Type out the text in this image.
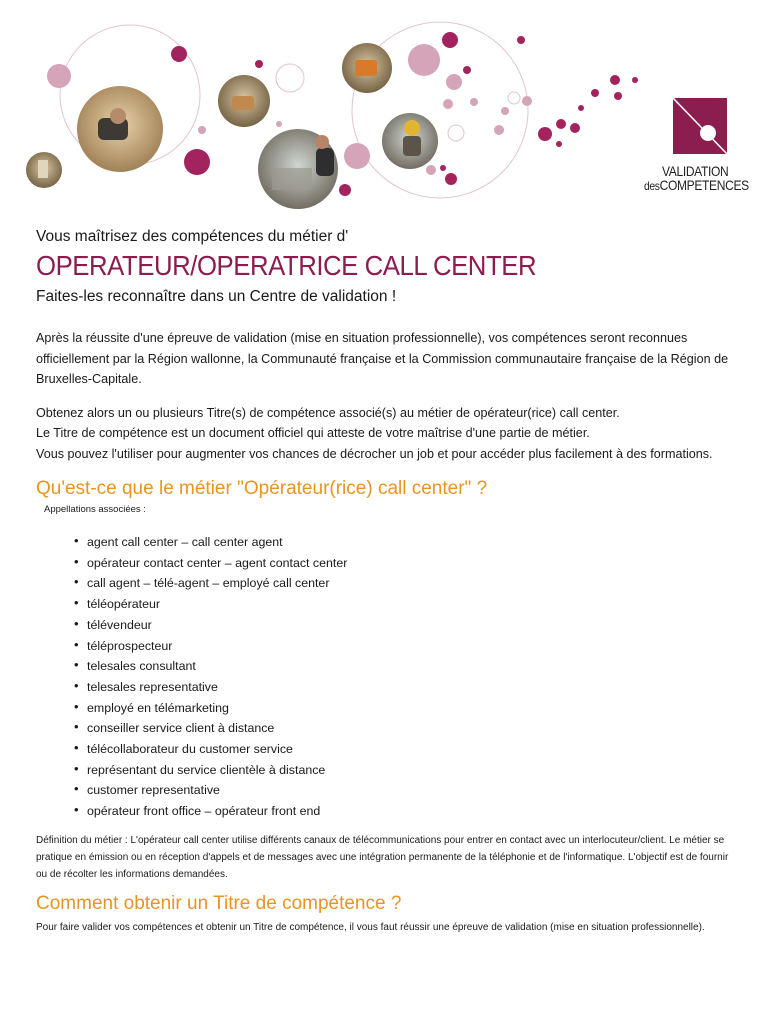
VALIDATION
desCOMPETENCES

Vous maîtrisez des compétences du métier d'

OPERATEUR/OPERATRICE CALL CENTER

Faites-les reconnaître dans un Centre de validation !

Après la réussite d'une épreuve de validation (mise en situation professionnelle), vos compétences seront reconnues officiellement par la Région wallonne, la Communauté française et la Commission communautaire française de la Région de Bruxelles-Capitale.

Obtenez alors un ou plusieurs Titre(s) de compétence associé(s) au métier de opérateur(rice) call center.
Le Titre de compétence est un document officiel qui atteste de votre maîtrise d'une partie de métier.
Vous pouvez l'utiliser pour augmenter vos chances de décrocher un job et pour accéder plus facilement à des formations.

Qu'est-ce que le métier "Opérateur(rice) call center" ?

Appellations associées :

• agent call center – call center agent
• opérateur contact center – agent contact center
• call agent – télé-agent – employé call center
• téléopérateur
• télévendeur
• téléprospecteur
• telesales consultant
• telesales representative
• employé en télémarketing
• conseiller service client à distance
• télécollaborateur du customer service
• représentant du service clientèle à distance
• customer representative
• opérateur front office – opérateur front end

Définition du métier : L'opérateur call center utilise différents canaux de télécommunications pour entrer en contact avec un interlocuteur/client. Le métier se pratique en émission ou en réception d'appels et de messages avec une intégration permanente de la téléphonie et de l'informatique. L'objectif est de fournir ou de récolter les informations demandées.

Comment obtenir un Titre de compétence ?

Pour faire valider vos compétences et obtenir un Titre de compétence, il vous faut réussir une épreuve de validation (mise en situation professionnelle).
